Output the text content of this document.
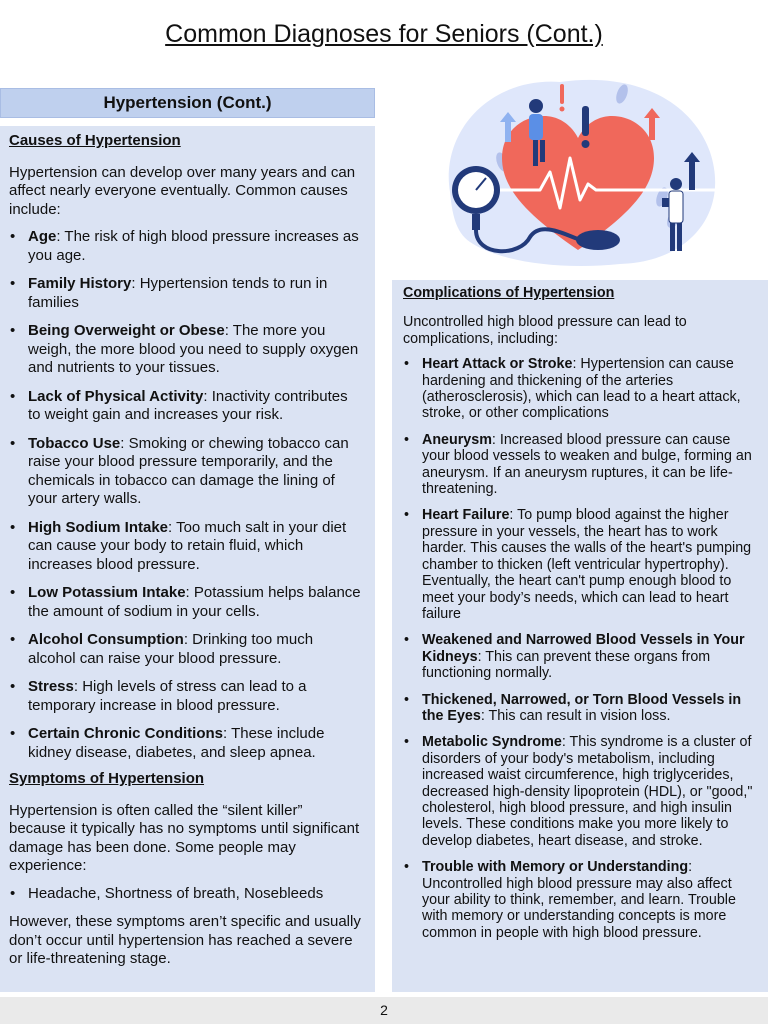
Common Diagnoses for Seniors (Cont.)
Hypertension (Cont.)
Causes of Hypertension
Hypertension can develop over many years and can affect nearly everyone eventually. Common causes include:
• Age: The risk of high blood pressure increases as you age.
• Family History: Hypertension tends to run in families
• Being Overweight or Obese: The more you weigh, the more blood you need to supply oxygen and nutrients to your tissues.
• Lack of Physical Activity: Inactivity contributes to weight gain and increases your risk.
• Tobacco Use: Smoking or chewing tobacco can raise your blood pressure temporarily, and the chemicals in tobacco can damage the lining of your artery walls.
• High Sodium Intake: Too much salt in your diet can cause your body to retain fluid, which increases blood pressure.
• Low Potassium Intake: Potassium helps balance the amount of sodium in your cells.
• Alcohol Consumption: Drinking too much alcohol can raise your blood pressure.
• Stress: High levels of stress can lead to a temporary increase in blood pressure.
• Certain Chronic Conditions: These include kidney disease, diabetes, and sleep apnea.
Symptoms of Hypertension
Hypertension is often called the “silent killer” because it typically has no symptoms until significant damage has been done. Some people may experience:
• Headache, Shortness of breath, Nosebleeds
However, these symptoms aren’t specific and usually don’t occur until hypertension has reached a severe or life-threatening stage.
Complications of Hypertension
Uncontrolled high blood pressure can lead to complications, including:
• Heart Attack or Stroke: Hypertension can cause hardening and thickening of the arteries (atherosclerosis), which can lead to a heart attack, stroke, or other complications
• Aneurysm: Increased blood pressure can cause your blood vessels to weaken and bulge, forming an aneurysm. If an aneurysm ruptures, it can be life-threatening.
• Heart Failure: To pump blood against the higher pressure in your vessels, the heart has to work harder. This causes the walls of the heart's pumping chamber to thicken (left ventricular hypertrophy). Eventually, the heart can't pump enough blood to meet your body’s needs, which can lead to heart failure
• Weakened and Narrowed Blood Vessels in Your Kidneys: This can prevent these organs from functioning normally.
• Thickened, Narrowed, or Torn Blood Vessels in the Eyes: This can result in vision loss.
• Metabolic Syndrome: This syndrome is a cluster of disorders of your body's metabolism, including increased waist circumference, high triglycerides, decreased high-density lipoprotein (HDL), or "good," cholesterol, high blood pressure, and high insulin levels. These conditions make you more likely to develop diabetes, heart disease, and stroke.
• Trouble with Memory or Understanding: Uncontrolled high blood pressure may also affect your ability to think, remember, and learn. Trouble with memory or understanding concepts is more common in people with high blood pressure.
2
